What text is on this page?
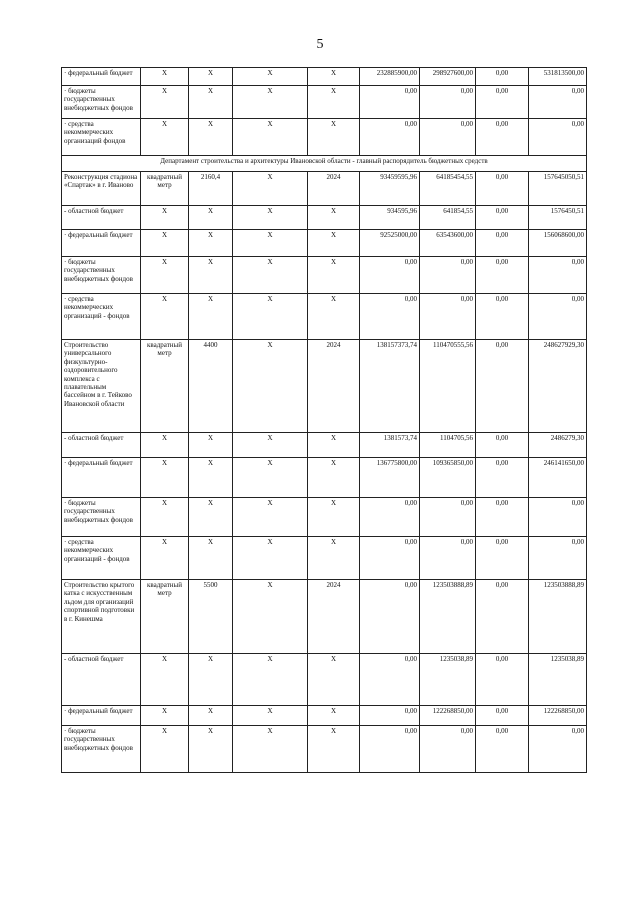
5
· федеральный бюджет	X	X	X	X	232885900,00	298927600,00	0,00	531813500,00
· бюджеты государственных внебюджетных фондов	X	X	X	X	0,00	0,00	0,00	0,00
· средства некоммерческих организаций фондов	X	X	X	X	0,00	0,00	0,00	0,00
Департамент строительства и архитектуры Ивановской области - главный распорядитель бюджетных средств								
Реконструкция стадиона «Спартак» в г. Иваново	квадратный метр	2160,4	X	2024	93459595,96	64185454,55	0,00	157645050,51
- областной бюджет	X	X	X	X	934595,96	641854,55	0,00	1576450,51
· федеральный бюджет	X	X	X	X	92525000,00	63543600,00	0,00	156068600,00
· бюджеты государственных внебюджетных фондов	X	X	X	X	0,00	0,00	0,00	0,00
· средства некоммерческих организаций - фондов	X	X	X	X	0,00	0,00	0,00	0,00
Строительство универсального физкультурно-оздоровительного комплекса с плавательным бассейном в г. Тейково Ивановской области	квадратный метр	4400	X	2024	138157373,74	110470555,56	0,00	248627929,30
- областной бюджет	X	X	X	X	1381573,74	1104705,56	0,00	2486279,30
· федеральный бюджет	X	X	X	X	136775800,00	109365850,00	0,00	246141650,00
· бюджеты государственных внебюджетных фондов	X	X	X	X	0,00	0,00	0,00	0,00
· средства некоммерческих организаций - фондов	X	X	X	X	0,00	0,00	0,00	0,00
Строительство крытого катка с искусственным льдом для организаций спортивной подготовки в г. Кинешма	квадратный метр	5500	X	2024	0,00	123503888,89	0,00	123503888,89
- областной бюджет	X	X	X	X	0,00	1235038,89	0,00	1235038,89
· федеральный бюджет	X	X	X	X	0,00	122268850,00	0,00	122268850,00
· бюджеты государственных внебюджетных фондов	X	X	X	X	0,00	0,00	0,00	0,00
